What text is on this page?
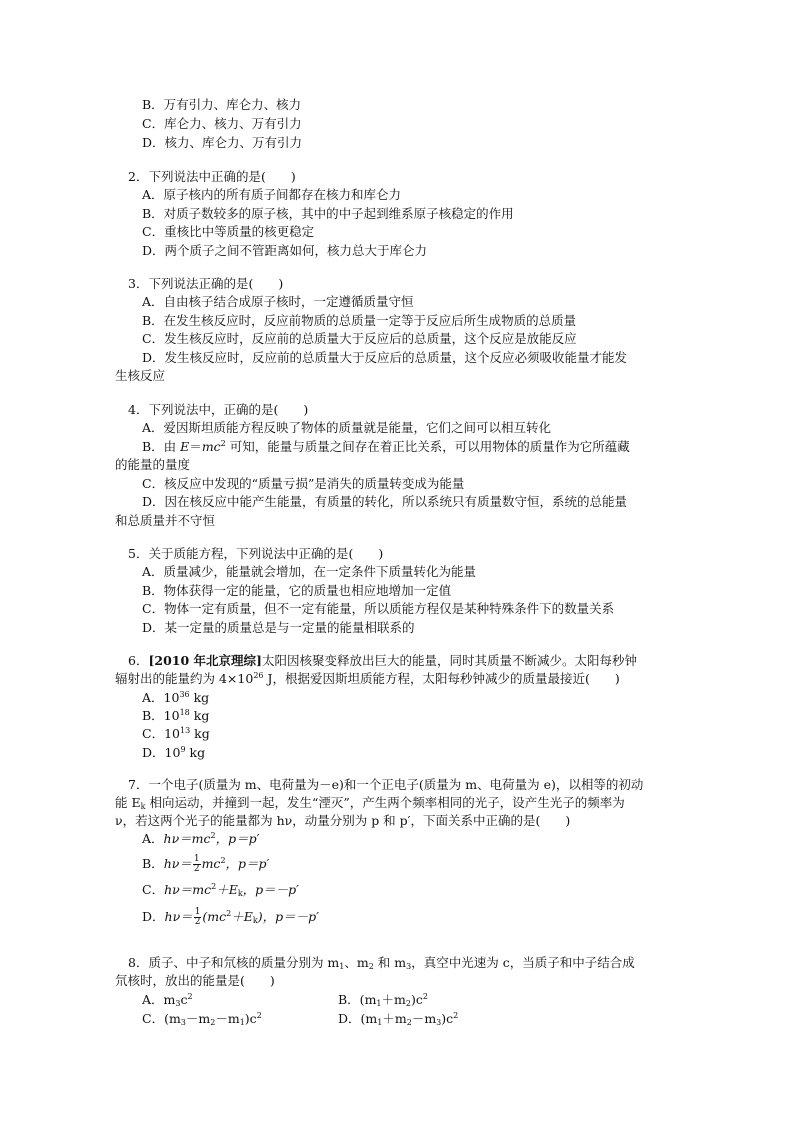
B．万有引力、库仑力、核力
C．库仑力、核力、万有引力
D．核力、库仑力、万有引力
2．下列说法中正确的是(　　)
A．原子核内的所有质子间都存在核力和库仑力
B．对质子数较多的原子核，其中的中子起到维系原子核稳定的作用
C．重核比中等质量的核更稳定
D．两个质子之间不管距离如何，核力总大于库仑力
3．下列说法正确的是(　　)
A．自由核子结合成原子核时，一定遵循质量守恒
B．在发生核反应时，反应前物质的总质量一定等于反应后所生成物质的总质量
C．发生核反应时，反应前的总质量大于反应后的总质量，这个反应是放能反应
D．发生核反应时，反应前的总质量大于反应后的总质量，这个反应必须吸收能量才能发
生核反应
4．下列说法中，正确的是(　　)
A．爱因斯坦质能方程反映了物体的质量就是能量，它们之间可以相互转化
B．由 $E=mc^2$ 可知，能量与质量之间存在着正比关系，可以用物体的质量作为它所蕴藏
的能量的量度
C．核反应中发现的“质量亏损”是消失的质量转变成为能量
D．因在核反应中能产生能量，有质量的转化，所以系统只有质量数守恒，系统的总能量
和总质量并不守恒
5．关于质能方程，下列说法中正确的是(　　)
A．质量减少，能量就会增加，在一定条件下质量转化为能量
B．物体获得一定的能量，它的质量也相应地增加一定值
C．物体一定有质量，但不一定有能量，所以质能方程仅是某种特殊条件下的数量关系
D．某一定量的质量总是与一定量的能量相联系的
6．[2010 年北京理综]太阳因核聚变释放出巨大的能量，同时其质量不断减少。太阳每秒钟
辐射出的能量约为 $4\times 10^{26}$ J，根据爱因斯坦质能方程，太阳每秒钟减少的质量最接近(　　)
A．$10^{36}$ kg
B．$10^{18}$ kg
C．$10^{13}$ kg
D．$10^9$ kg
7．一个电子(质量为 m、电荷量为－e)和一个正电子(质量为 m、电荷量为 e)，以相等的初动
能 $E_k$ 相向运动，并撞到一起，发生“湮灭”，产生两个频率相同的光子，设产生光子的频率为
ν，若这两个光子的能量都为 hν，动量分别为 p 和 p′，下面关系中正确的是(　　)
A．$h\nu=mc^2$，p＝p′
B．$h\nu= \frac{1}{2} mc^2$，p＝p′
C．$h\nu=mc^2+E_k$，p＝－p′
D．$h\nu= \frac{1}{2} (mc^2+E_k)$，p＝－p′
8．质子、中子和氘核的质量分别为 $m_1$、$m_2$ 和 $m_3$，真空中光速为 c，当质子和中子结合成
氘核时，放出的能量是(　　)
A．$m_3c^2$	B．$(m_1+m_2)c^2$
C．$(m_3-m_2-m_1)c^2$	D．$(m_1+m_2-m_3)c^2$
